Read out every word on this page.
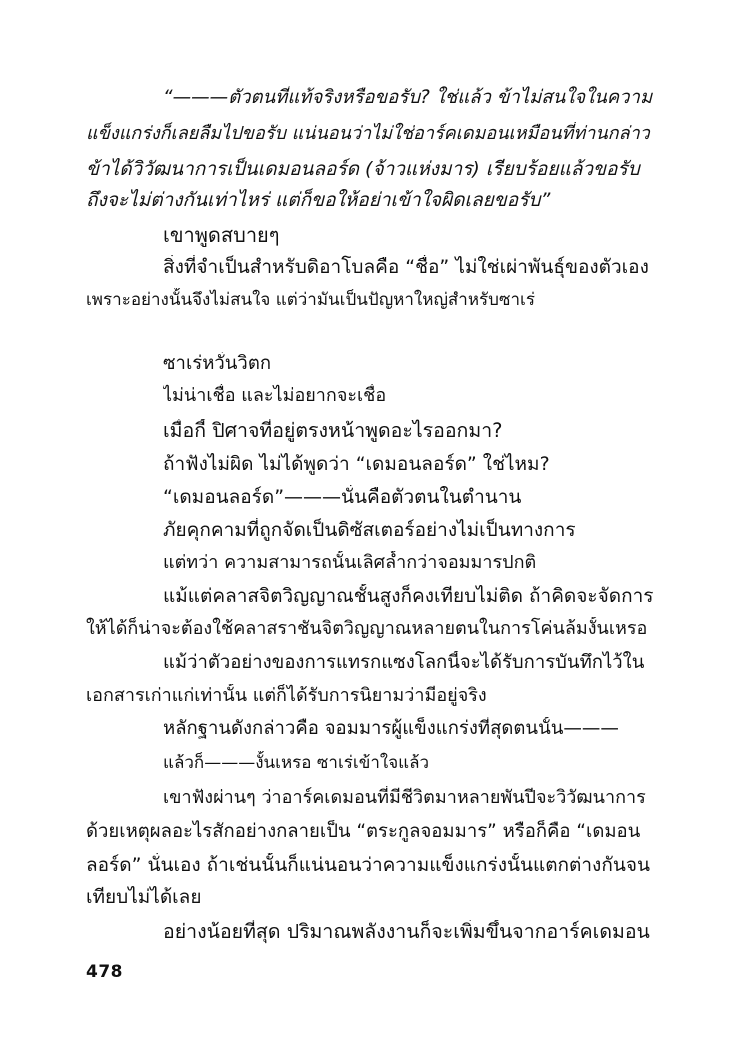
“———ตัวตนที่แท้จริงหรือขอรับ? ใช่แล้ว ข้าไม่สนใจในความ
แข็งแกร่งก็เลยลืมไปขอรับ แน่นอนว่าไม่ใช่อาร์คเดมอนเหมือนที่ท่านกล่าว
ข้าได้วิวัฒนาการเป็นเดมอนลอร์ด (จ้าวแห่งมาร) เรียบร้อยแล้วขอรับ
ถึงจะไม่ต่างกันเท่าไหร่ แต่ก็ขอให้อย่าเข้าใจผิดเลยขอรับ”
เขาพูดสบายๆ
สิ่งที่จำเป็นสำหรับดิอาโบลคือ “ชื่อ” ไม่ใช่เผ่าพันธุ์ของตัวเอง
เพราะอย่างนั้นจึงไม่สนใจ แต่ว่ามันเป็นปัญหาใหญ่สำหรับซาเร่
ซาเร่หวั่นวิตก
ไม่น่าเชื่อ และไม่อยากจะเชื่อ
เมื่อกี้ ปิศาจที่อยู่ตรงหน้าพูดอะไรออกมา?
ถ้าฟังไม่ผิด ไม่ได้พูดว่า “เดมอนลอร์ด” ใช่ไหม?
“เดมอนลอร์ด”———นั่นคือตัวตนในตำนาน
ภัยคุกคามที่ถูกจัดเป็นดิซัสเตอร์อย่างไม่เป็นทางการ
แต่ทว่า ความสามารถนั้นเลิศล้ำกว่าจอมมารปกติ
แม้แต่คลาสจิตวิญญาณชั้นสูงก็คงเทียบไม่ติด ถ้าคิดจะจัดการ
ให้ได้ก็น่าจะต้องใช้คลาสราชันจิตวิญญาณหลายตนในการโค่นล้มงั้นเหรอ
แม้ว่าตัวอย่างของการแทรกแซงโลกนี้จะได้รับการบันทึกไว้ใน
เอกสารเก่าแก่เท่านั้น แต่ก็ได้รับการนิยามว่ามีอยู่จริง
หลักฐานดังกล่าวคือ จอมมารผู้แข็งแกร่งที่สุดตนนั้น———
แล้วก็———งั้นเหรอ ซาเร่เข้าใจแล้ว
เขาฟังผ่านๆ ว่าอาร์คเดมอนที่มีชีวิตมาหลายพันปีจะวิวัฒนาการ
ด้วยเหตุผลอะไรสักอย่างกลายเป็น “ตระกูลจอมมาร” หรือก็คือ “เดมอน
ลอร์ด” นั่นเอง ถ้าเช่นนั้นก็แน่นอนว่าความแข็งแกร่งนั้นแตกต่างกันจน
เทียบไม่ได้เลย
อย่างน้อยที่สุด ปริมาณพลังงานก็จะเพิ่มขึ้นจากอาร์คเดมอน
478
